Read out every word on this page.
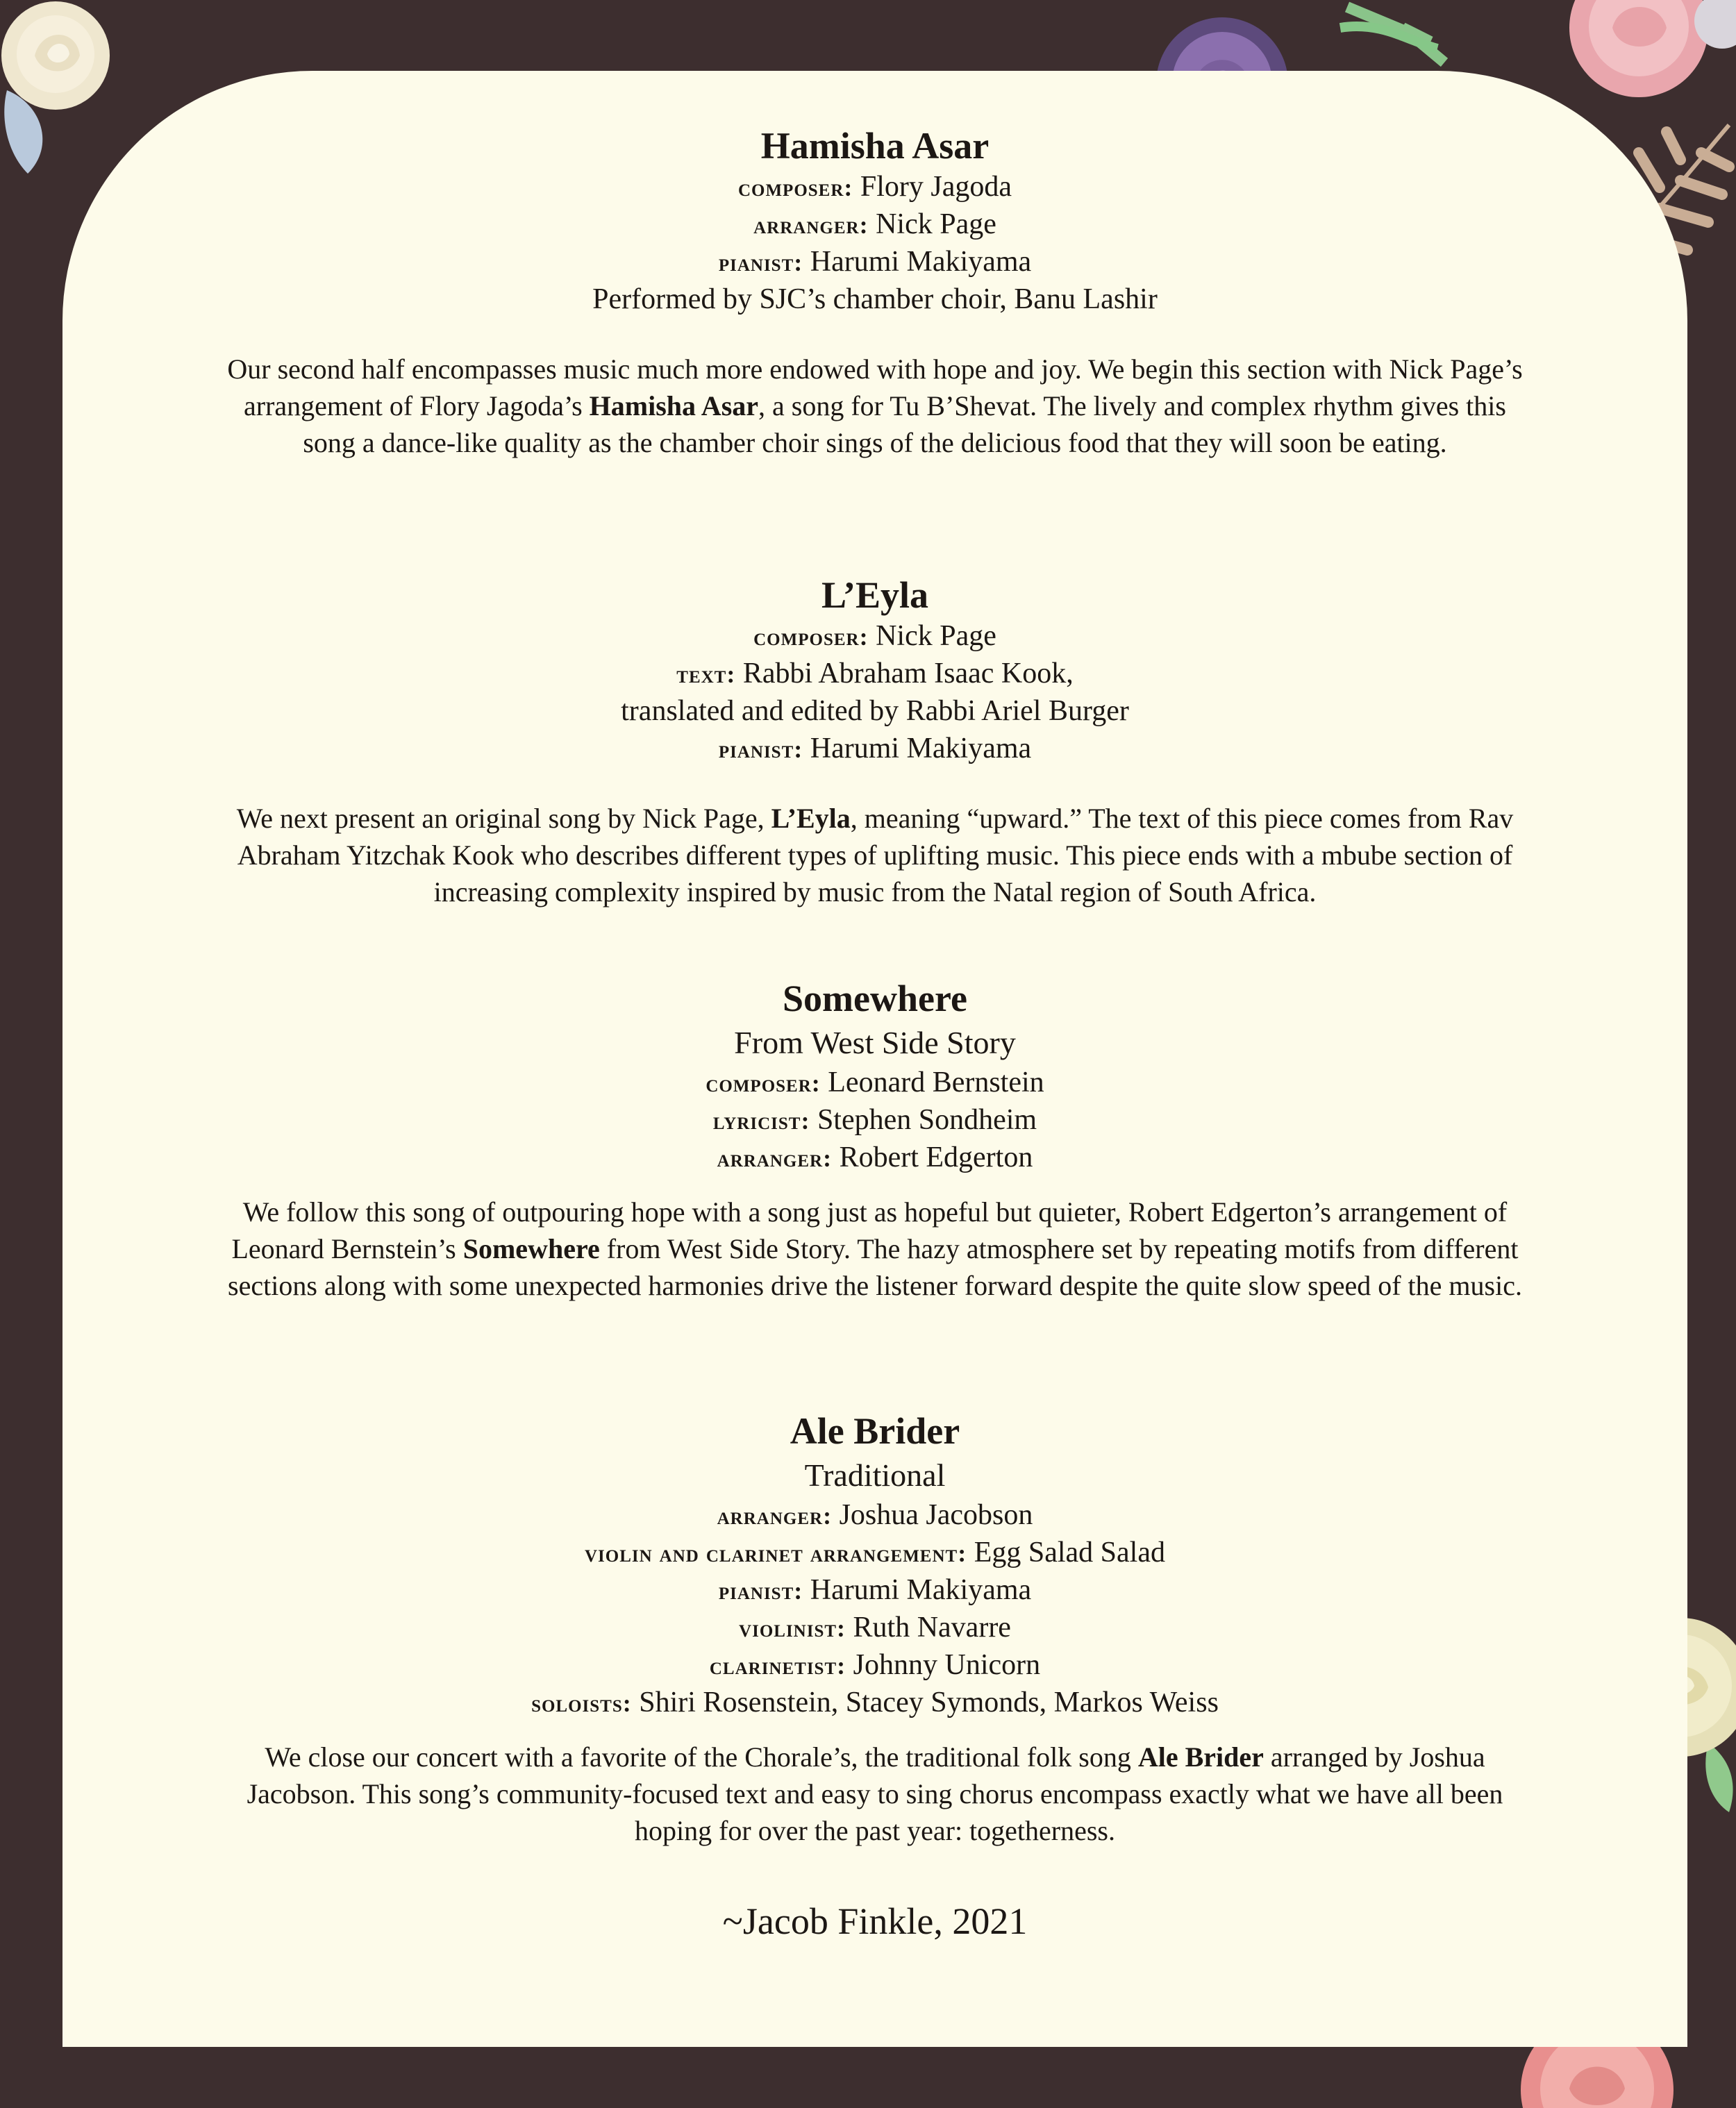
Hamisha Asar
composer: Flory Jagoda
arranger: Nick Page
pianist: Harumi Makiyama
Performed by SJC’s chamber choir, Banu Lashir

Our second half encompasses music much more endowed with hope and joy. We begin this section with Nick Page’s arrangement of Flory Jagoda’s Hamisha Asar, a song for Tu B’Shevat. The lively and complex rhythm gives this song a dance-like quality as the chamber choir sings of the delicious food that they will soon be eating.

L’Eyla
composer: Nick Page
text: Rabbi Abraham Isaac Kook,
translated and edited by Rabbi Ariel Burger
pianist: Harumi Makiyama

We next present an original song by Nick Page, L’Eyla, meaning “upward.” The text of this piece comes from Rav Abraham Yitzchak Kook who describes different types of uplifting music. This piece ends with a mbube section of increasing complexity inspired by music from the Natal region of South Africa.

Somewhere
From West Side Story
composer: Leonard Bernstein
lyricist: Stephen Sondheim
arranger: Robert Edgerton

We follow this song of outpouring hope with a song just as hopeful but quieter, Robert Edgerton’s arrangement of Leonard Bernstein’s Somewhere from West Side Story. The hazy atmosphere set by repeating motifs from different sections along with some unexpected harmonies drive the listener forward despite the quite slow speed of the music.

Ale Brider
Traditional
arranger: Joshua Jacobson
violin and clarinet arrangement: Egg Salad Salad
pianist: Harumi Makiyama
violinist: Ruth Navarre
clarinetist: Johnny Unicorn
soloists: Shiri Rosenstein, Stacey Symonds, Markos Weiss

We close our concert with a favorite of the Chorale’s, the traditional folk song Ale Brider arranged by Joshua Jacobson. This song’s community-focused text and easy to sing chorus encompass exactly what we have all been hoping for over the past year: togetherness.

~Jacob Finkle, 2021
